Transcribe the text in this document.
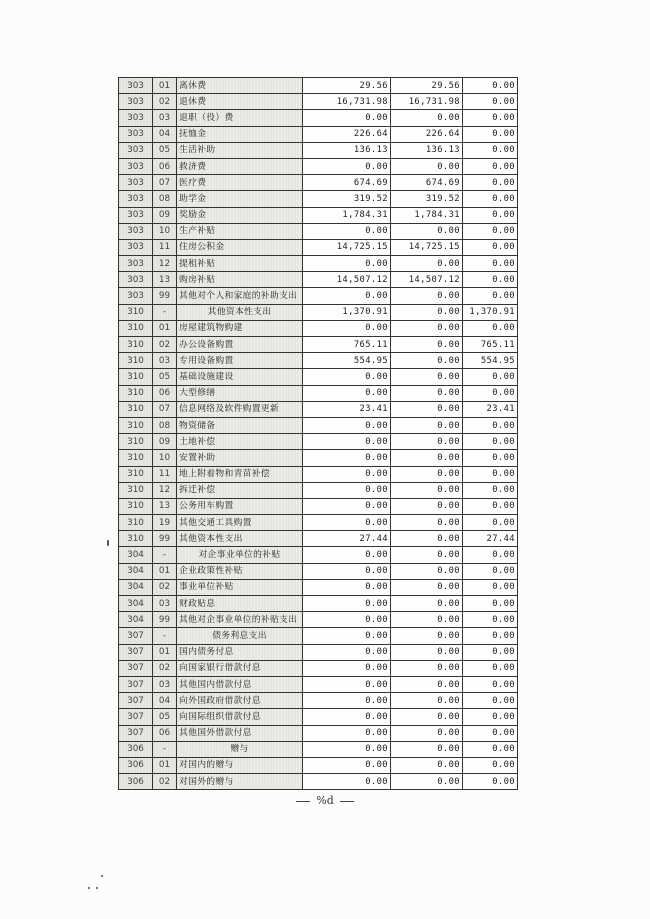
303	01	离休费	29.56	29.56	0.00
303	02	退休费	16,731.98	16,731.98	0.00
303	03	退职（役）费	0.00	0.00	0.00
303	04	抚恤金	226.64	226.64	0.00
303	05	生活补助	136.13	136.13	0.00
303	06	救济费	0.00	0.00	0.00
303	07	医疗费	674.69	674.69	0.00
303	08	助学金	319.52	319.52	0.00
303	09	奖励金	1,784.31	1,784.31	0.00
303	10	生产补贴	0.00	0.00	0.00
303	11	住房公积金	14,725.15	14,725.15	0.00
303	12	提租补贴	0.00	0.00	0.00
303	13	购房补贴	14,507.12	14,507.12	0.00
303	99	其他对个人和家庭的补助支出	0.00	0.00	0.00
310	-	其他资本性支出	1,370.91	0.00	1,370.91
310	01	房屋建筑物购建	0.00	0.00	0.00
310	02	办公设备购置	765.11	0.00	765.11
310	03	专用设备购置	554.95	0.00	554.95
310	05	基础设施建设	0.00	0.00	0.00
310	06	大型修缮	0.00	0.00	0.00
310	07	信息网络及软件购置更新	23.41	0.00	23.41
310	08	物资储备	0.00	0.00	0.00
310	09	土地补偿	0.00	0.00	0.00
310	10	安置补助	0.00	0.00	0.00
310	11	地上附着物和青苗补偿	0.00	0.00	0.00
310	12	拆迁补偿	0.00	0.00	0.00
310	13	公务用车购置	0.00	0.00	0.00
310	19	其他交通工具购置	0.00	0.00	0.00
310	99	其他资本性支出	27.44	0.00	27.44
304	-	对企事业单位的补贴	0.00	0.00	0.00
304	01	企业政策性补贴	0.00	0.00	0.00
304	02	事业单位补贴	0.00	0.00	0.00
304	03	财政贴息	0.00	0.00	0.00
304	99	其他对企事业单位的补贴支出	0.00	0.00	0.00
307	-	债务利息支出	0.00	0.00	0.00
307	01	国内债务付息	0.00	0.00	0.00
307	02	向国家银行借款付息	0.00	0.00	0.00
307	03	其他国内借款付息	0.00	0.00	0.00
307	04	向外国政府借款付息	0.00	0.00	0.00
307	05	向国际组织借款付息	0.00	0.00	0.00
307	06	其他国外借款付息	0.00	0.00	0.00
306	-	赠与	0.00	0.00	0.00
306	01	对国内的赠与	0.00	0.00	0.00
306	02	对国外的赠与	0.00	0.00	0.00
%d
